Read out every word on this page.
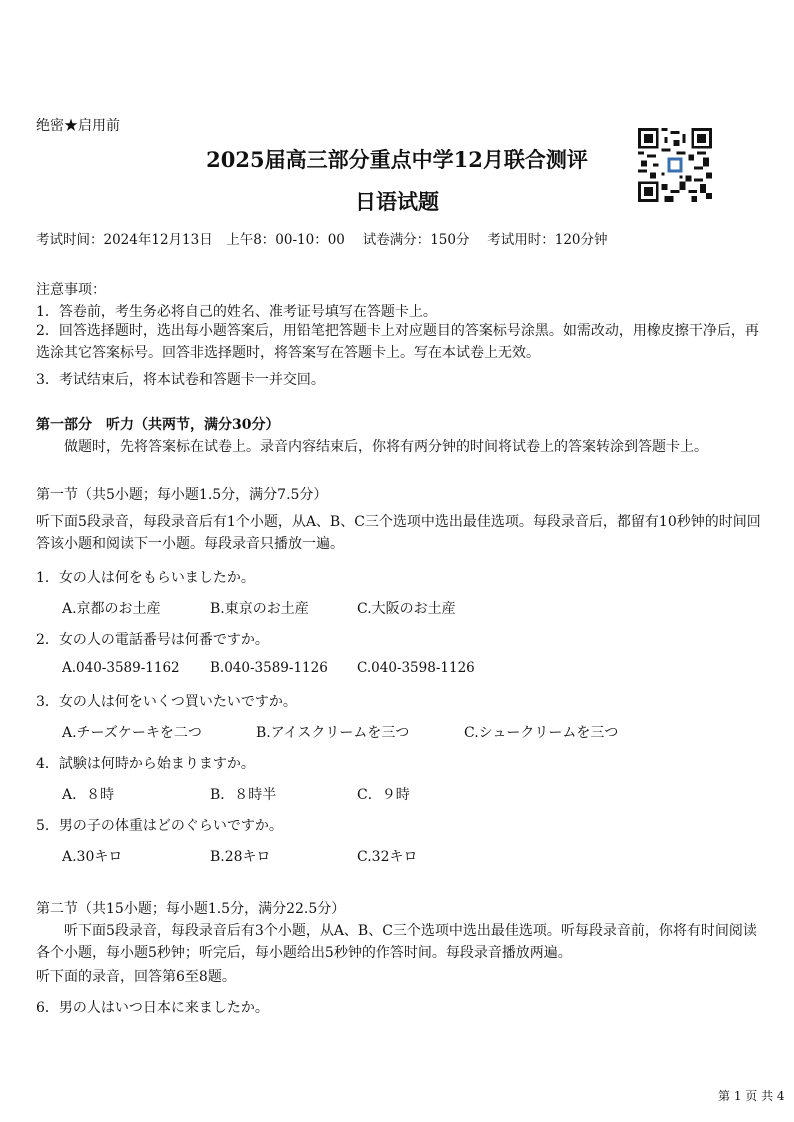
绝密★启用前
2025届高三部分重点中学12月联合测评
日语试题
考试时间：2024年12月13日　上午8：00-10：00　 试卷满分：150分　 考试用时：120分钟
注意事项：
1．答卷前，考生务必将自己的姓名、准考证号填写在答题卡上。
2．回答选择题时，选出每小题答案后，用铅笔把答题卡上对应题目的答案标号涂黑。如需改动，用橡皮擦干净后，再选涂其它答案标号。回答非选择题时，将答案写在答题卡上。写在本试卷上无效。
3．考试结束后，将本试卷和答题卡一并交回。
第一部分　听力（共两节，满分30分）
做题时，先将答案标在试卷上。录音内容结束后，你将有两分钟的时间将试卷上的答案转涂到答题卡上。
第一节（共5小题；每小题1.5分，满分7.5分）
听下面5段录音，每段录音后有1个小题，从A、B、C三个选项中选出最佳选项。每段录音后，都留有10秒钟的时间回答该小题和阅读下一小题。每段录音只播放一遍。
1．女の人は何をもらいましたか。
A.京都のお土産	B.東京のお土産	C.大阪のお土産
2．女の人の電話番号は何番ですか。
A.040-3589-1162 B.040-3589-1126 C.040-3598-1126
3．女の人は何をいくつ買いたいですか。
A.チーズケーキを二つ	B.アイスクリームを三つ	C.シュークリームを三つ
4．試験は何時から始まりますか。
A．８時	B．８時半	C．９時
5．男の子の体重はどのぐらいですか。
A.30キロ	B.28キロ	C.32キロ
第二节（共15小题；每小题1.5分，满分22.5分）
听下面5段录音，每段录音后有3个小题，从A、B、C三个选项中选出最佳选项。听每段录音前，你将有时间阅读各个小题，每小题5秒钟；听完后，每小题给出5秒钟的作答时间。每段录音播放两遍。
听下面的录音，回答第6至8题。
6．男の人はいつ日本に来ましたか。
第 1 页 共 4
